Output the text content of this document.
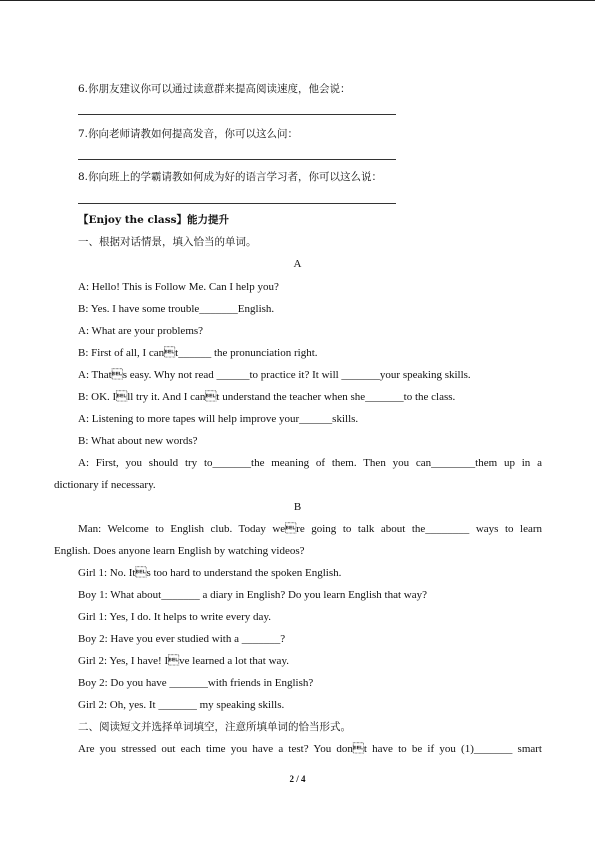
6.你朋友建议你可以通过读意群来提高阅读速度，他会说：
7.你向老师请教如何提高发音，你可以这么问：
8.你向班上的学霸请教如何成为好的语言学习者，你可以这么说：
【Enjoy the class】能力提升
一、根据对话情景，填入恰当的单词。
A
A: Hello! This is Follow Me. Can I help you?
B: Yes. I have some trouble_______English.
A: What are your problems?
B: First of all, I cant______ the pronunciation right.
A: Thats easy. Why not read ______to practice it? It will _______your speaking skills.
B: OK. Ill try it. And I cant understand the teacher when she_______to the class.
A: Listening to more tapes will help improve your______skills.
B: What about new words?
A: First, you should try to_______the meaning of them. Then you can________them up in a
dictionary if necessary.
B
Man: Welcome to English club. Today were going to talk about the________ ways to learn
English. Does anyone learn English by watching videos?
Girl 1: No. Its too hard to understand the spoken English.
Boy 1: What about_______ a diary in English? Do you learn English that way?
Girl 1: Yes, I do. It helps to write every day.
Boy 2: Have you ever studied with a _______?
Girl 2: Yes, I have! Ive learned a lot that way.
Boy 2: Do you have _______with friends in English?
Girl 2: Oh, yes. It _______ my speaking skills.
二、阅读短文并选择单词填空，注意所填单词的恰当形式。
Are you stressed out each time you have a test? You dont have to be if you (1)_______ smart
2 / 4
